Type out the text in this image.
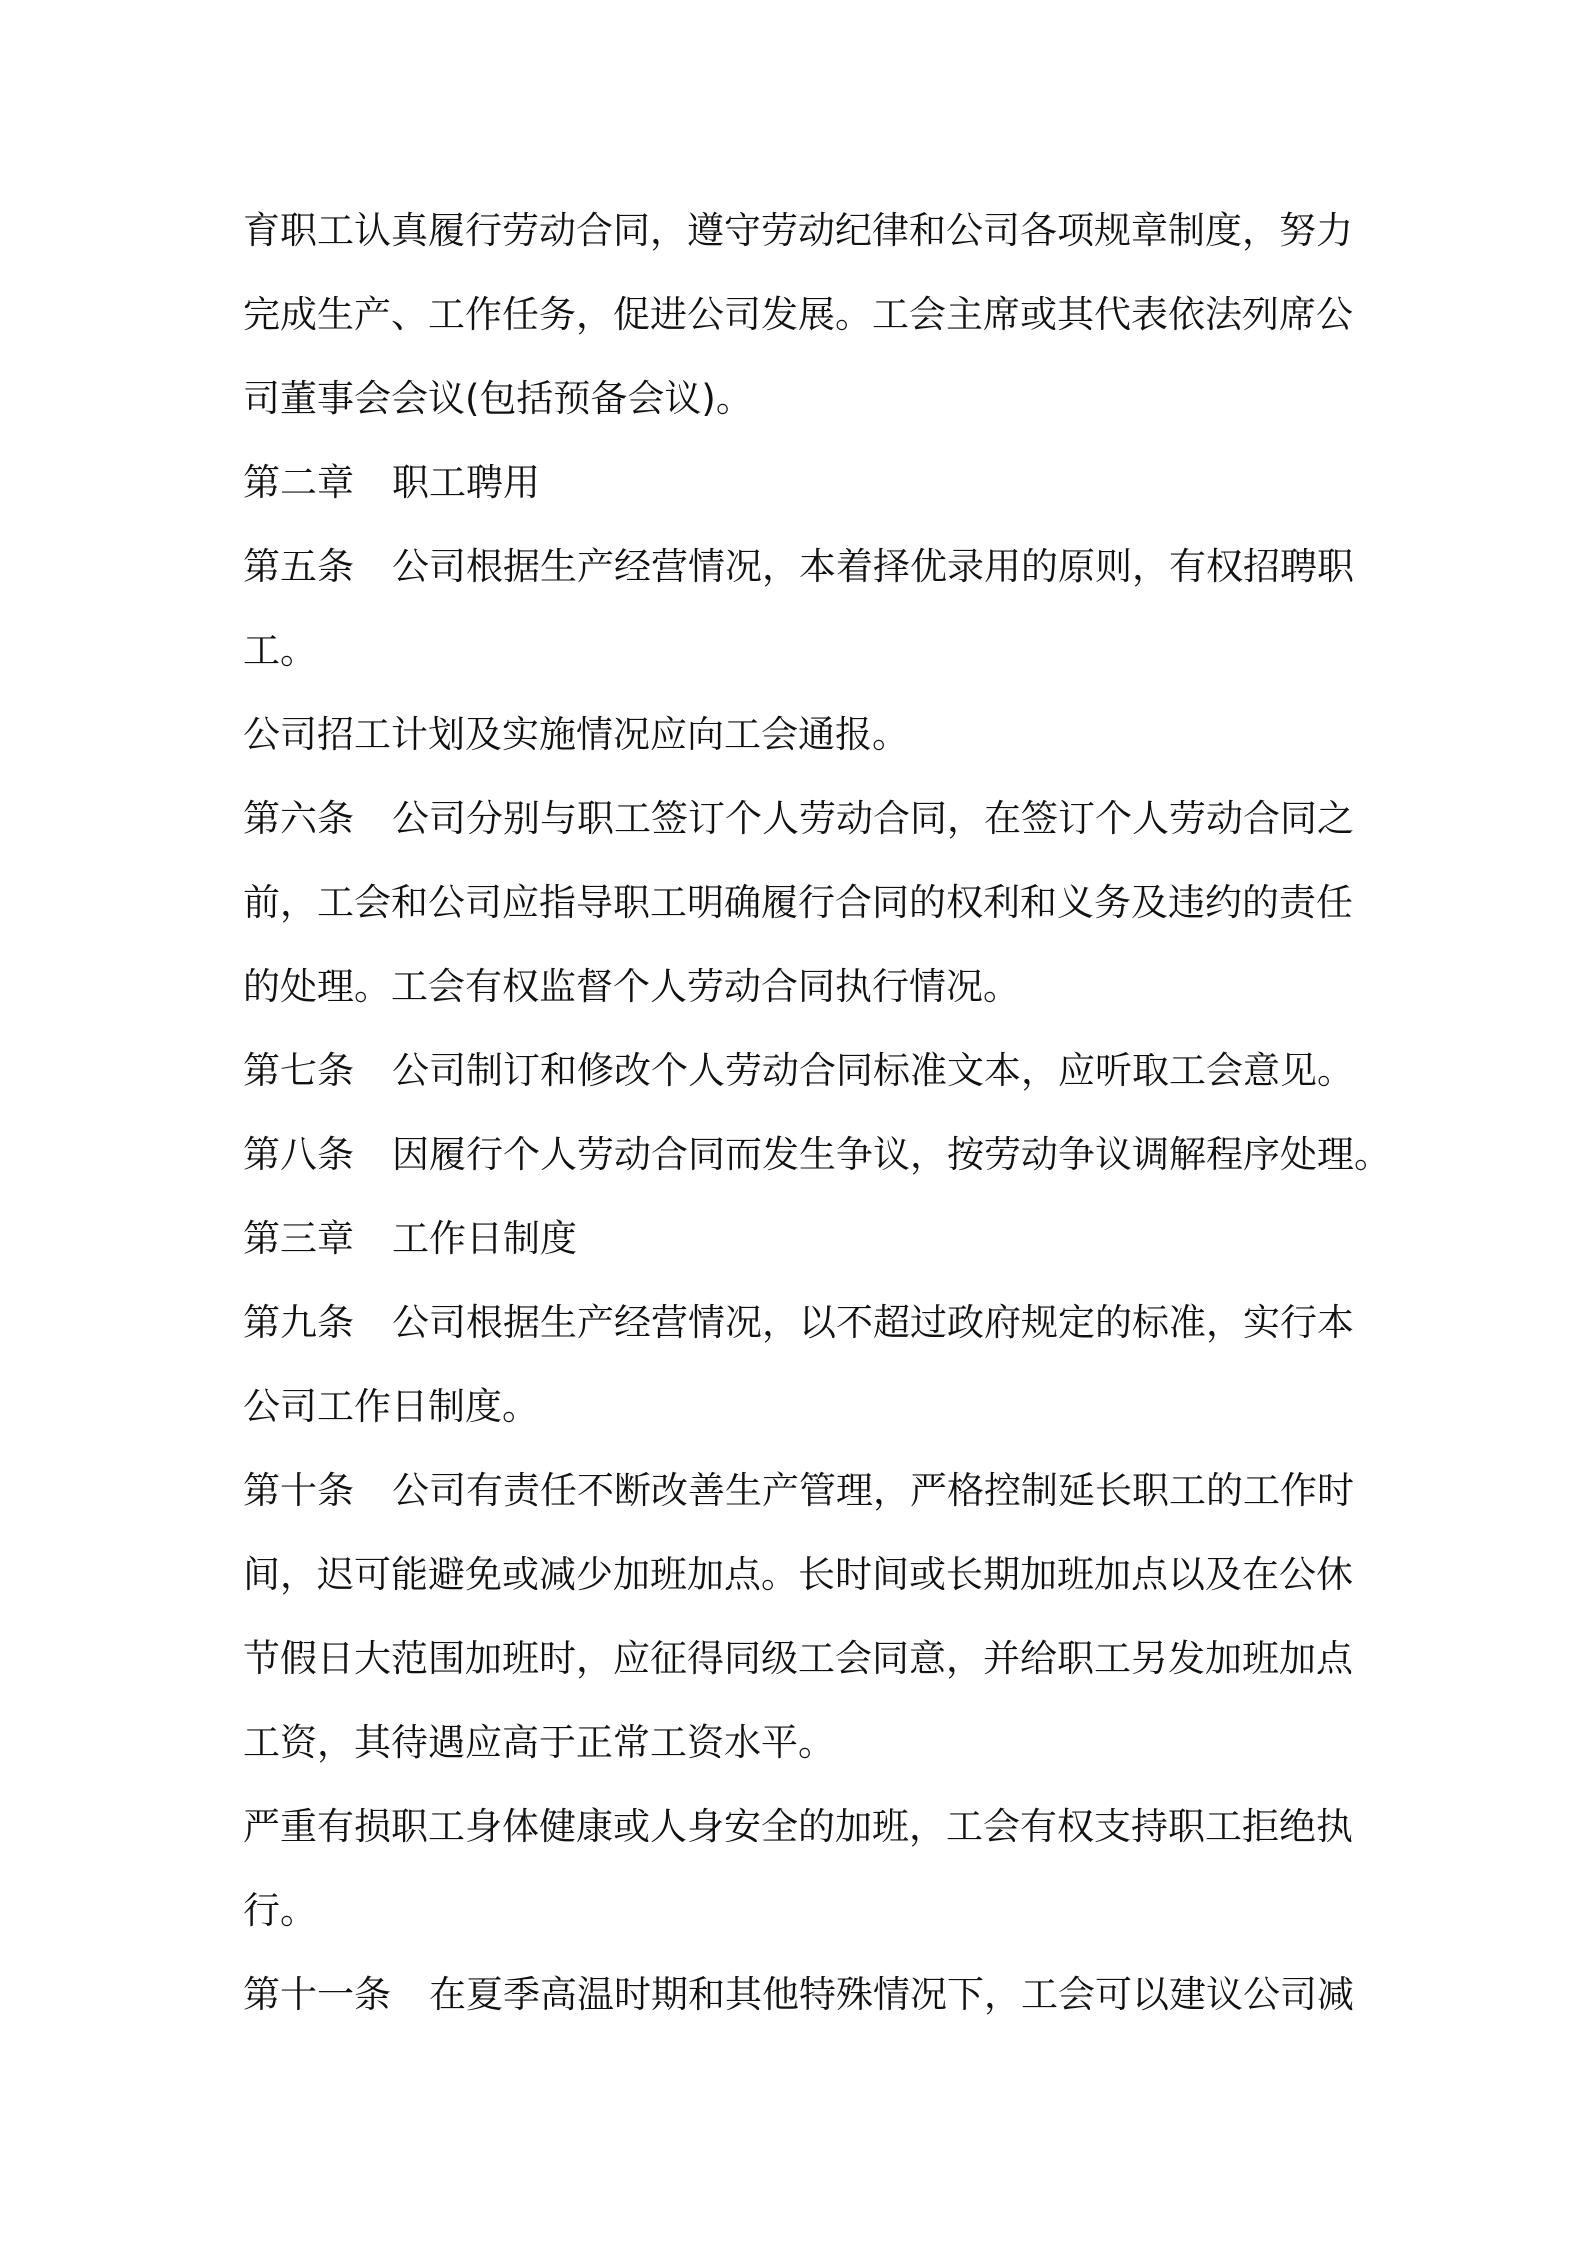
育职工认真履行劳动合同，遵守劳动纪律和公司各项规章制度，努力
完成生产、工作任务，促进公司发展。工会主席或其代表依法列席公
司董事会会议(包括预备会议)。
第二章 职工聘用
第五条 公司根据生产经营情况，本着择优录用的原则，有权招聘职
工。
公司招工计划及实施情况应向工会通报。
第六条 公司分别与职工签订个人劳动合同，在签订个人劳动合同之
前，工会和公司应指导职工明确履行合同的权利和义务及违约的责任
的处理。工会有权监督个人劳动合同执行情况。
第七条 公司制订和修改个人劳动合同标准文本，应听取工会意见。
第八条 因履行个人劳动合同而发生争议，按劳动争议调解程序处理。
第三章 工作日制度
第九条 公司根据生产经营情况，以不超过政府规定的标准，实行本
公司工作日制度。
第十条 公司有责任不断改善生产管理，严格控制延长职工的工作时
间，迟可能避免或减少加班加点。长时间或长期加班加点以及在公休
节假日大范围加班时，应征得同级工会同意，并给职工另发加班加点
工资，其待遇应高于正常工资水平。
严重有损职工身体健康或人身安全的加班，工会有权支持职工拒绝执
行。
第十一条 在夏季高温时期和其他特殊情况下，工会可以建议公司减
